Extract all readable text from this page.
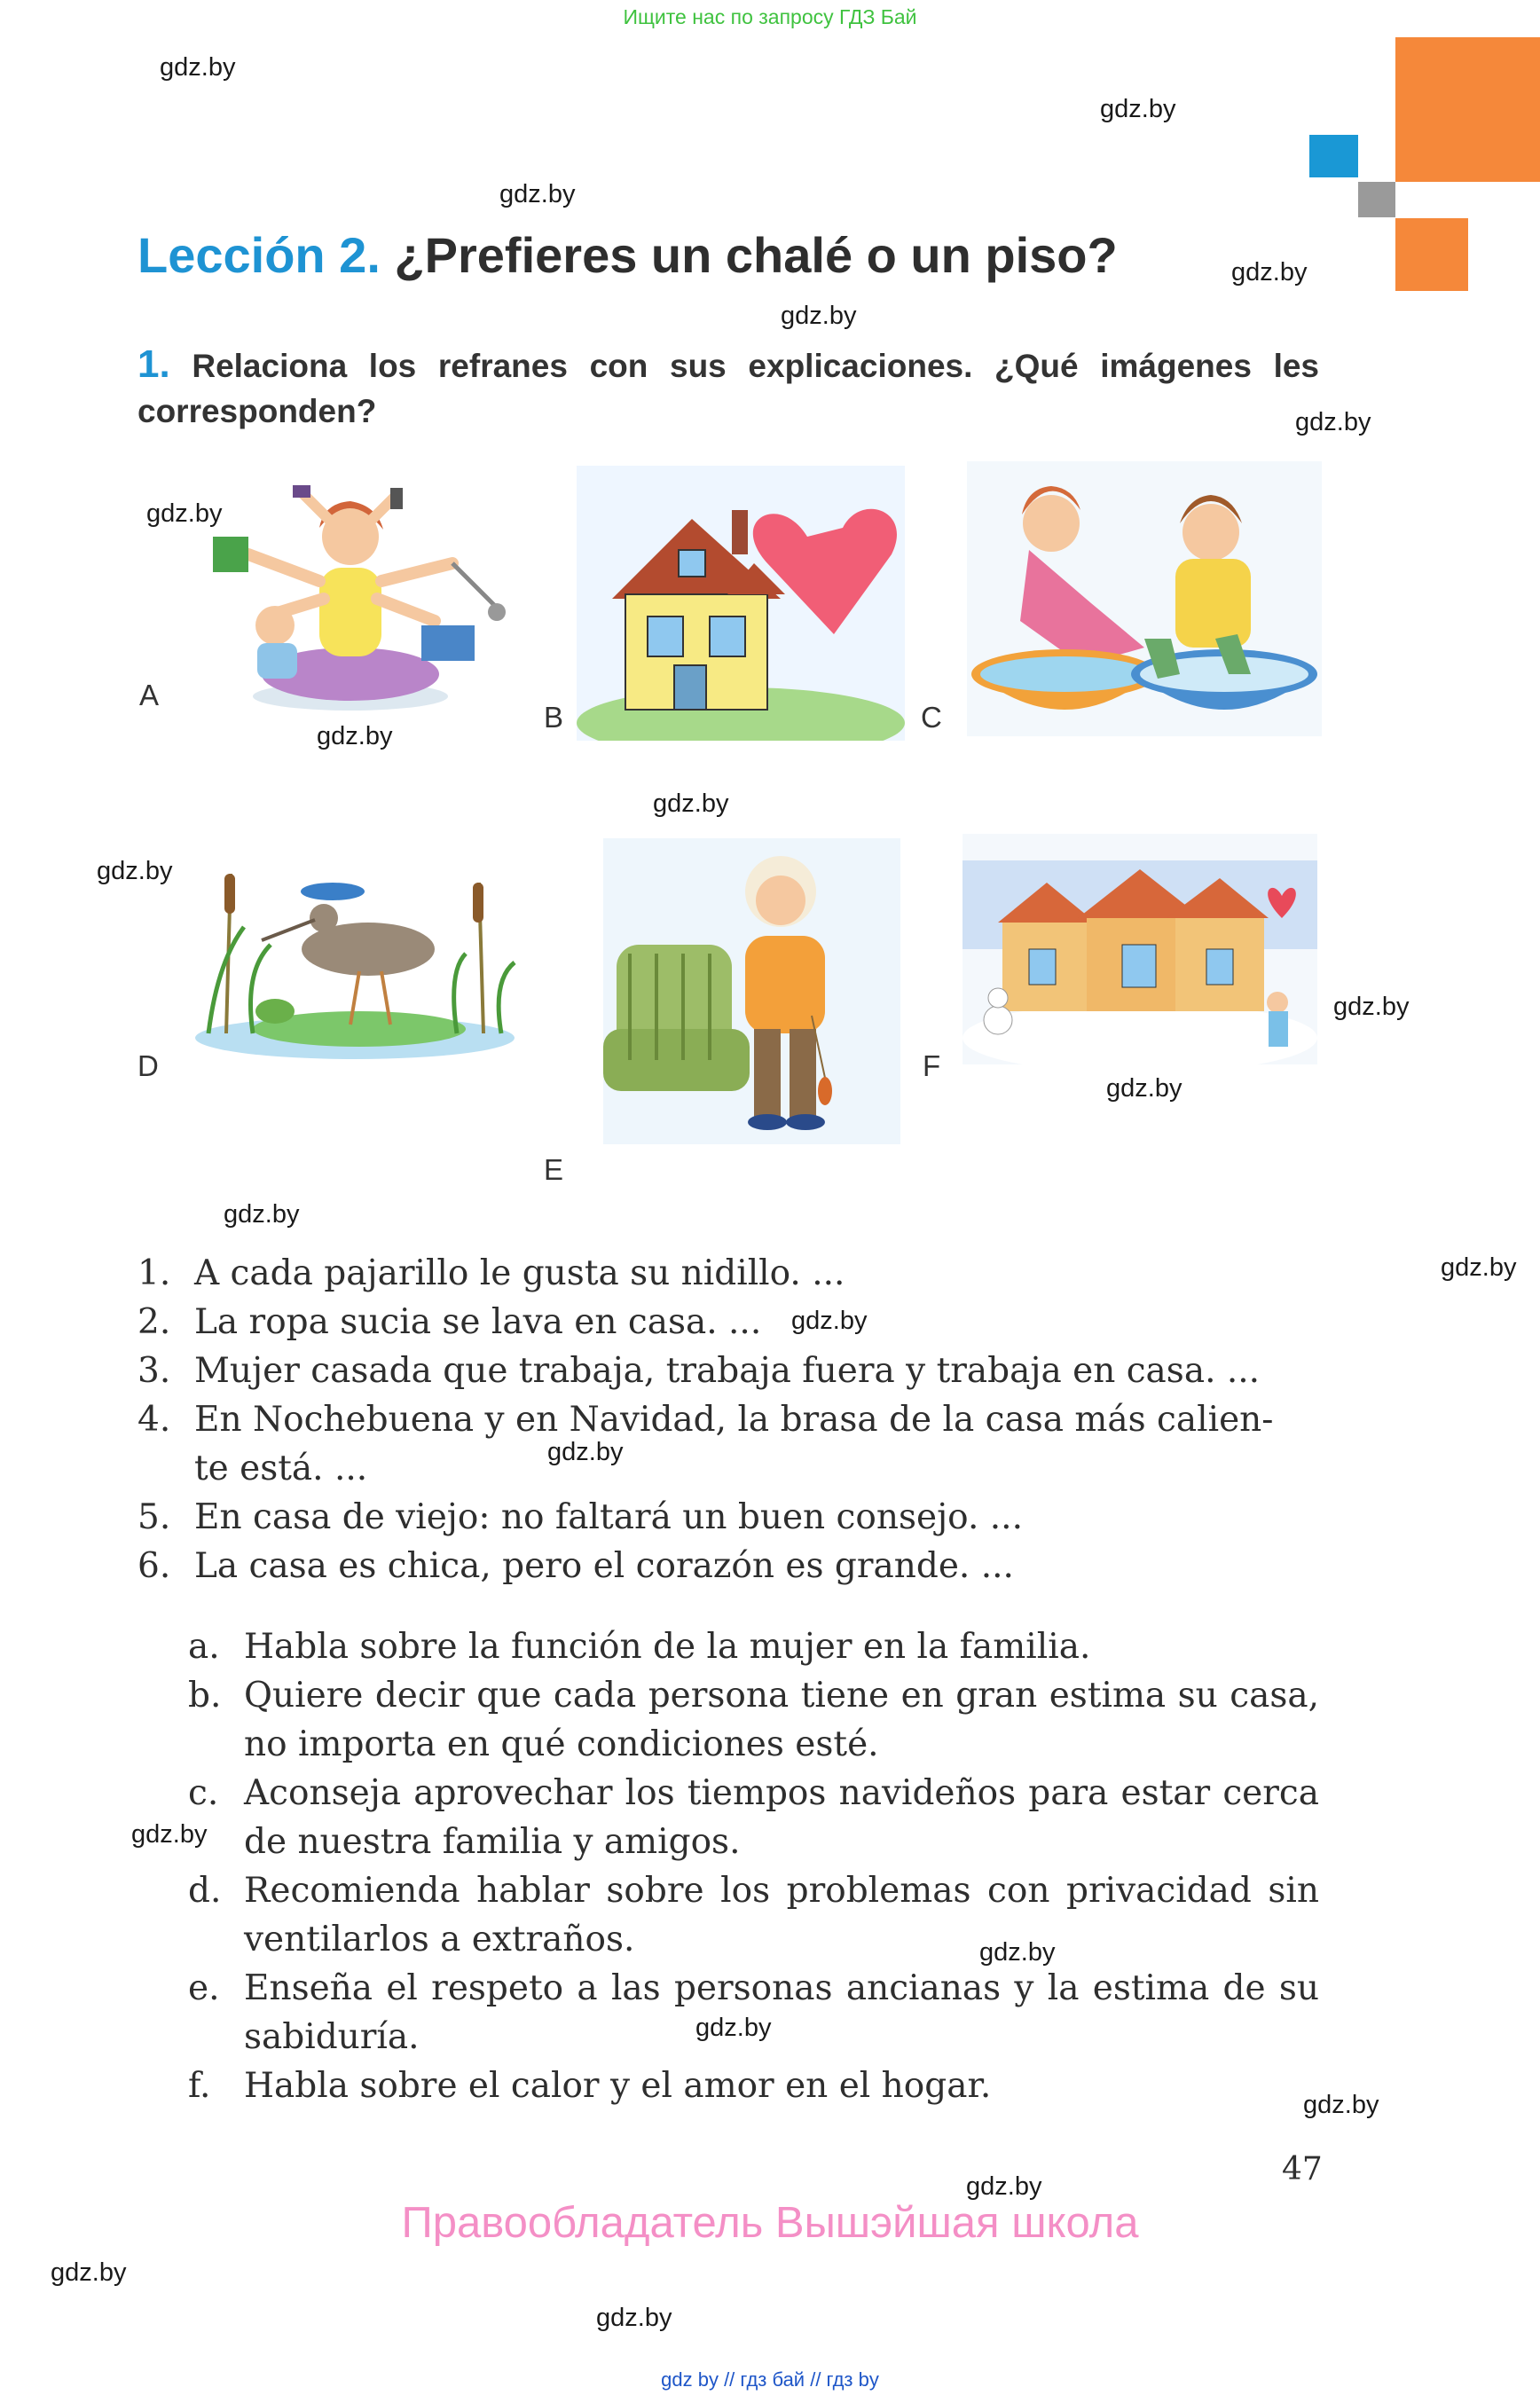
Ищите нас по запросу ГДЗ Бай
Lección 2. ¿Prefieres un chalé o un piso?
1. Relaciona los refranes con sus explicaciones. ¿Qué imágenes les corresponden?
A
B	C
D
E
F
1. A cada pajarillo le gusta su nidillo. ...
2. La ropa sucia se lava en casa. ...
3. Mujer casada que trabaja, trabaja fuera y trabaja en casa. ...
4. En Nochebuena y en Navidad, la brasa de la casa más calien-
te está. ...
5. En casa de viejo: no faltará un buen consejo. ...
6. La casa es chica, pero el corazón es grande. ...
a. Habla sobre la función de la mujer en la familia.
b. Quiere decir que cada persona tiene en gran estima su casa, no importa en qué condiciones esté.
c. Aconseja aprovechar los tiempos navideños para estar cerca de nuestra familia y amigos.
d. Recomienda hablar sobre los problemas con privacidad sin ventilarlos a extraños.
e. Enseña el respeto a las personas ancianas y la estima de su sabiduría.
f. Habla sobre el calor y el amor en el hogar.
47
Правообладатель Вышэйшая школа
gdz.by
gdz.by
gdz.by
gdz.by
gdz.by
gdz.by
gdz.by
gdz.by
gdz.by
gdz.by
gdz.by
gdz.by
gdz.by
gdz.by
gdz.by
gdz.by
gdz.by
gdz.by
gdz.by
gdz.by
gdz.by
gdz.by
gdz.by
gdz by // гдз бай // гдз by
